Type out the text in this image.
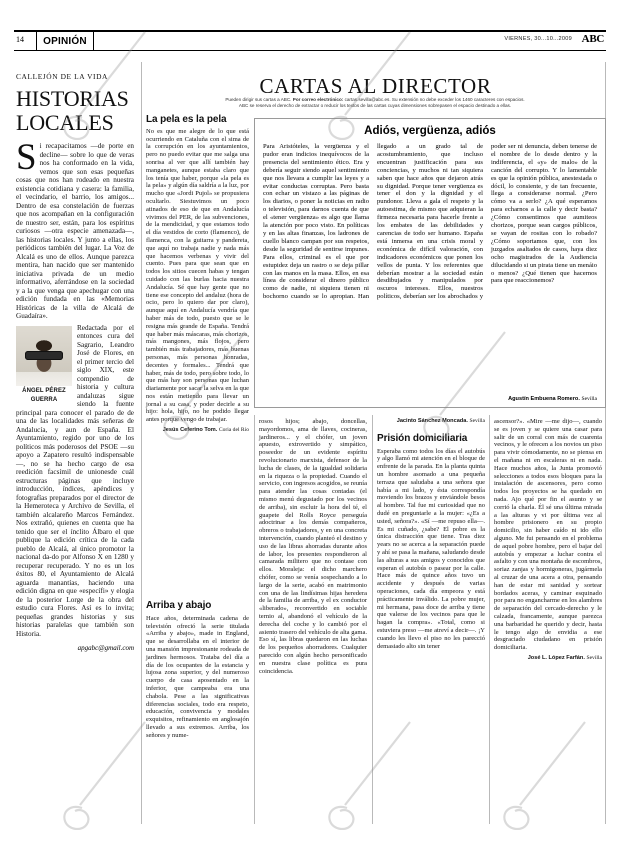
14 OPINIÓN	VIERNES, 30...10...2009 ABC
CALLEJÓN DE LA VIDA
HISTORIAS
LOCALES
S i recapacitamos —de porte en decline— sobre lo que de veras nos ha conformado en la vida, vemos que son esas pequeñas cosas que nos han rodeado en nuestra existencia cotidiana y casera: la familia, el vecindario, el barrio, los amigos... Dentro de esa constelación de fuerzas que nos acompañan en la configuración de nuestro ser, están, para los espíritus curiosos —otra especie amenazada—, las historias locales. Y junto a ellas, los periódicos también del lugar. La Voz de Alcalá es uno de ellos. Aunque parezca mentira, han nacido que ser mantenido iniciativa privada de un medio informativo, aferrándose en la sociedad y a la que venga que apechugar con una edición fundada en las «Memorias Históricas de la villa de Alcalá de Guadaíra».
ÁNGEL PÉREZ
GUERRA
Redactada por el entonces cura del Sagrario, Leandro José de Flores, en el primer tercio del siglo XIX, este compendio de historia y cultura andaluzas sigue siendo la fuente principal para conocer el parado de de una de las localidades más señeras de Andalucía, y aun de España. El Ayuntamiento, regido por uno de los políticos más poderosos del PSOE —su apoyo a Zapatero resultó indispensable—, no se ha hecho cargo de esa reedición facsímil de unionesde cuál estructuras páginas que incluye introducción, índices, apéndices y fotografías preparados por el director de la Hemeroteca y Archivo de Sevilla, el también alcalareño Marcos Fernández. Nos extrañó, quienes en cuenta que ha tenido que ser el ínclito Álbaro el que publique la edición crítica de la cada pueblo de Alcalá, al único promotor la nacional da-do por Alfonso X en 1280 y recuperar recuperado. Y no es un los éxitos 80, el Ayuntamiento de Alcalá aguarda manantías, haciendo una edición digna en que «específi» y elogia de la posterior Lorge de la obra del estudio cura Flores. Así es lo invita; pequeñas grandes historias y sus historias paralelas que también son Historia.
apgabc@gmail.com
CARTAS AL DIRECTOR
Pueden dirigir sus cartas a ABC. Por correo electrónico: cartas.sevilla@abc.es. Su extensión no debe exceder los 1460 caracteres con espacios.
ABC se reserva el derecho de extractar o reducir los textos de las cartas cuyas dimensiones sobrepasen el espacio destinado a ellas.
Adiós, vergüenza, adiós
Para Aristóteles, la vergüenza y el pudor eran indicios inequívocos de la presencia del sentimiento ético. Era y debería seguir siendo aquel sentimiento que nos llevara a cumplir las leyes y a evitar conductas corruptas. Pero basta con echar un vistazo a las páginas de los diarios, o poner la noticias en radio o televisión, para darnos cuenta de que el «tener vergüenza» es algo que llama la atención por poco visto. En políticas y en las altas finanzas, los ladrones de cuello blanco campan por sus respetos, desde la seguridad de sentirse impunes. Para ellos, criminal es el que por estupidez deja un rastro o se deja pillar con las manos en la masa. Ellos, en esa línea de considerar el dinero público como de nadie, ni siquiera tienen ni bochorno cuando se lo apropian. Han llegado a un grado tal de acostumbramiento, que incluso encuentran justificación para sus conciencias, y muchos ni tan siquiera saben que hace años que dejaron atrás su dignidad. Porque tener vergüenza es tener el don y la dignidad y el pundonor. Lleva a gala el respeto y la autoestima, de mismo que adquieran la firmeza necesaria para hacerle frente a los embates de las debilidades y carencias de todo ser humano. España está inmersa en una crisis moral y económica de difícil valoración, con indicadores económicos que ponen los vellos de punta. Y los referentes que deberían mostrar a la sociedad están desdibujados y manipulados por oscuros intereses. Ellos, nuestros políticos, deberían ser los abrochados y poder ser ni denuncia, deben tenerse de el nombre de lo desde dentro y la indiferencia, el «y» de malo» de la canción del corrupto. Y lo lamentable es que la opinión pública, anestesiada o dócil, lo consiente, y de tan frecuente, llega a considerarse normal. ¿Pero cómo va a serlo? ¿A qué esperamos para echarnos a la calle y decir basta? ¿Cómo consentimos que aumiteos chorizos, porque sean cargos públicos, se vayan de rositas con lo robado? ¿Cómo soportamos que, con los juzgados asaltados de casos, haya diez ocho magistrados de la Audiencia dilucidando si un pirata tiene un menáio o menos? ¿Qué tienen que hacernos para que reaccionemos?
Agustín Embuena Romero. Sevilla
La pela es la pela

No es que me alegre de lo que está ocurriendo en Cataluña con el sima de la corrupción en los ayuntamientos, pero no puedo evitar que me salga una sonrisa al ver que allí también hay manganetes, aunque estaba claro que los tenía que haber, porque «la pela es la pela» y algún día saldría a la luz, por mucho que «Jordi Pujol» se propusiera ocultarlo. Siestuvimos un poco atinados de eso de que en Andalucía vivimos del PER, de las subvenciones, de la mendicidad, y que estamos todo el día vestidos de corto (flamenco), de flamenca, con la guitarra y pandereta, que aquí no trabaja nadie y nada más que hacemos verbenas y vivir del cuento. Pues para que sean que en todos los sitios cuecen habas y tengan cuidado con las burlas hacia nuestra Andalucía. Sé que hay gente que no tiene ese concepto del andaluz (hora de ocio, pero lo quiero dar por claro), aunque aquí en Andalucía vendría que haber más de todo, puesto que se le resigna más grande de España. Tendrá que haber más máscaras, más chorizos, más mangones, más flojos, pero también más trabajadores, más buenas personas, más personas honradas, decentes y formales... Tendrá que haber, más de todo, pero sobre todo, lo que más hay son personas que luchan diariamente por sacar la selva en la que nos están metiendo para llevar un jornal a su casa, y poder decirle a su hijo: hola, hijo, no he podido llegar antes porque vengo de trabajar.

Jesús Ceferino Tom. Coria del Río
Arriba y abajo

Hace años, determinada cadena de televisión ofreció la serie titulada «Arriba y abajo», made in England, que se desarrollaba en el interior de una mansión impresionante rodeada de jardines hermosos. Trataba del día a día de los ocupantes de la estancia y lujosa zona superior, y del numeroso cuerpo de casa aposentado en la inferior, que campeaba era una chabola. Pese a las significativas diferencias sociales, todo era respeto, educación, convivencia y modales exquisitos, refinamiento en anglosajón llevado a sus extremos. Arriba, los señores y nume-

rosos hijos; abajo, doncellas, mayordomos, ama de llaves, cocineras, jardineros... y el chófer, un joven apuesto, extrovertido y simpático, poseedor de un evidente espíritu revolucionario marxista, defensor de la lucha de clases, de la igualdad solidaria en la riqueza o la propiedad. Cuando el servicio, con ingresos acogidos, se reunía para atender las cosas contadas (el mismo menú degustado por los vecinos de arriba), sin escluir la hora del té, el guapete del Rolls Royce perseguía adoctrinar a los demás compañeros, obreros o trabajadores, y en una concreta intervención, cuando planteó el destino y uso de las libras ahorradas durante años de labor, los presentes respondieron al camarada militero que no contase con ellos. Moraleja: el dicho marchero chófer, como se venía sospechando a lo largo de la serie, acabó en matrimonio con una de las lindísimas hijas heredera de la familia de arriba, y el ex conductor «liberado», reconvertido en sociable ternio al, abandonó el vehículo de la derecha del coche y lo cambió por el asiento trasero del vehículo de alta gama. Eso sí, las libras quedaron en las luchas de los pequeños ahorradores. Cualquier parecido con algún hecho personificado en nuestra clase política es pura coincidencia.

Jacinto Sánchez Moncada. Sevilla
Prisión domiciliaria

Esperaba como todos los días el autobús y algo llamó mi atención en el bloque de enfrente de la parada. En la planta quinta un hombre asomado a una pequeña terraza que saludaba a una señora que había a mi lado, y ésta correspondía moviendo los brazos y enviándole besos al hombre. Tal fue mi curiosidad que no dudé en preguntarle a la mujer: «¿Es a usted, señora?». «Sí —me repuso ella—. Es mi cuñado, ¿sabe? El pobre es la única distracción que tiene. Tras diez years no se acerca a la separación puede y ahí se pasa la mañana, saludando desde las alturas a sus amigos y conocidos que esperan el autobús o pasear por la calle. Hace más de quince años tuvo un accidente y después de varias operaciones, cada día empeora y está prácticamente inválido. La pobre mujer, mi hermana, pasa doce de arriba y tiene que valerse de los vecinos para que le hagan la compra». «Total, como si estuviera preso —me atreví a decir—. ¡Y cuando les llevo el piso no les parecció demasiado alto sin tener

ascensor?». «Mire —me dijo—, cuando se es joven y se quiere una casar para salir de un corral con más de cuarenta vecinos, y le ofrecen a los novios un piso para vivir cómodamente, no se piensa en el mañana ni en escaleras ni en nada. Hace muchos años, la Junta promovió selecciones a todos esos bloques para la instalación de ascensores, pero como todos los proyectos se ha quedado en nada. Ajo qué por fin el asunto y se corrió la charla. Él sé una última mirada a las alturas y vi por última vez al hombre prisionero en su propio domicilio, sin haber caído ni ido ello alguno. Me fui pensando en el problema de aquel pobre hombre, pero el bajar del autobús y empezar a luchar contra el asfalto y con una montaña de escombros, soriaz zanjas y hormigoneras, jugármela al cruzar de una acera a otra, pensando han de estar mi sanidad y sortear bordados aceras, y caminar esquinado por para no engancharme en los alambres de separación del cercado-derecho y le calzada, francamente, aunque parezca una barbaridad he querido y decir, hasta le tengo algo de envidia a ese desgraciado ciudadano en prisión domiciliaria.

José L. López Farfán. Sevilla
